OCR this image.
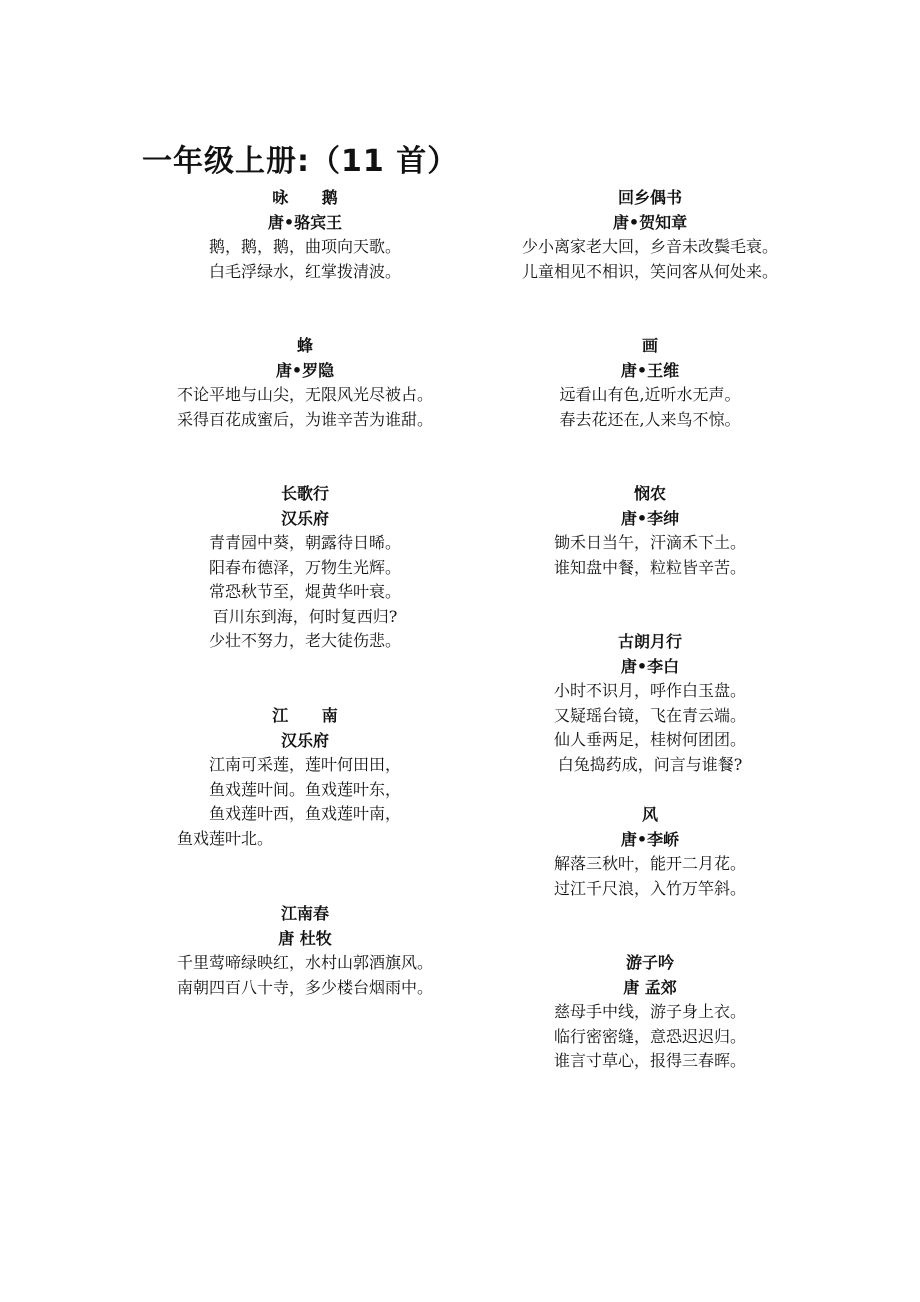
一年级上册:（11 首）
咏 鹅
唐•骆宾王
鹅，鹅，鹅，曲项向天歌。
白毛浮绿水，红掌拨清波。
回乡偶书
唐•贺知章
少小离家老大回，乡音未改鬓毛衰。
儿童相见不相识，笑问客从何处来。
蜂
唐•罗隐
不论平地与山尖，无限风光尽被占。
采得百花成蜜后，为谁辛苦为谁甜。
画
唐•王维
远看山有色,近听水无声。
春去花还在,人来鸟不惊。
长歌行
汉乐府
青青园中葵，朝露待日晞。
阳春布德泽，万物生光辉。
常恐秋节至，焜黄华叶衰。
百川东到海，何时复西归?
少壮不努力，老大徒伤悲。
悯农
唐•李绅
锄禾日当午，汗滴禾下土。
谁知盘中餐，粒粒皆辛苦。
古朗月行
唐•李白
小时不识月，呼作白玉盘。
又疑瑶台镜，飞在青云端。
仙人垂两足，桂树何团团。
白兔捣药成，问言与谁餐?
江 南
汉乐府
江南可采莲，莲叶何田田，
鱼戏莲叶间。鱼戏莲叶东，
鱼戏莲叶西，鱼戏莲叶南，
鱼戏莲叶北。
风
唐•李峤
解落三秋叶，能开二月花。
过江千尺浪，入竹万竿斜。
江南春
唐 杜牧
千里莺啼绿映红，水村山郭酒旗风。
南朝四百八十寺，多少楼台烟雨中。
游子吟
唐 孟郊
慈母手中线，游子身上衣。
临行密密缝，意恐迟迟归。
谁言寸草心，报得三春晖。
